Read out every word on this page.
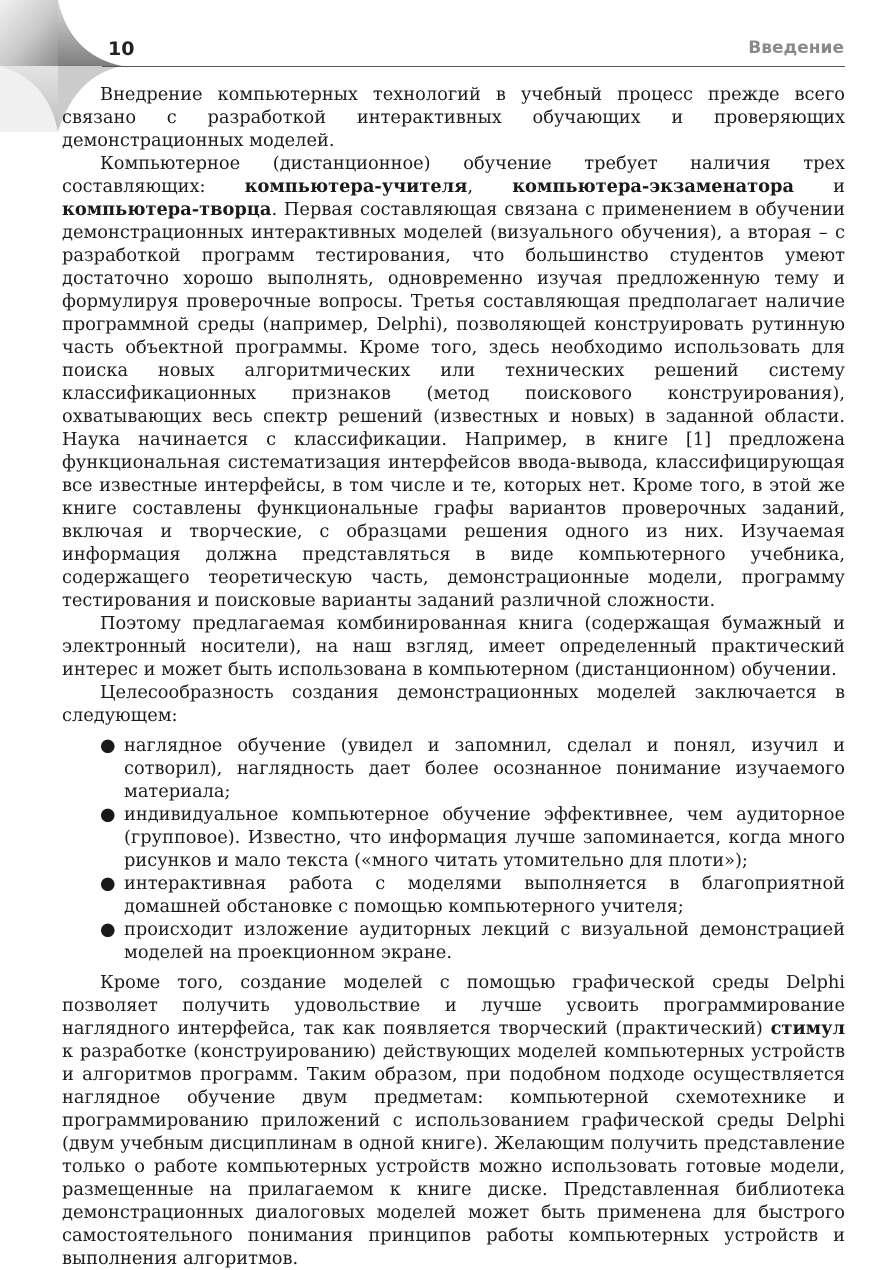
10	Введение

Внедрение компьютерных технологий в учебный процесс прежде всего связано с разработкой интерактивных обучающих и проверяющих демонстрационных моделей.

Компьютерное (дистанционное) обучение требует наличия трех составляющих: компьютера-учителя, компьютера-экзаменатора и компьютера-творца. Первая составляющая связана с применением в обучении демонстрационных интерактивных моделей (визуального обучения), а вторая – с разработкой программ тестирования, что большинство студентов умеют достаточно хорошо выполнять, одновременно изучая предложенную тему и формулируя проверочные вопросы. Третья составляющая предполагает наличие программной среды (например, Delphi), позволяющей конструировать рутинную часть объектной программы. Кроме того, здесь необходимо использовать для поиска новых алгоритмических или технических решений систему классификационных признаков (метод поискового конструирования), охватывающих весь спектр решений (известных и новых) в заданной области. Наука начинается с классификации. Например, в книге [1] предложена функциональная систематизация интерфейсов ввода-вывода, классифицирующая все известные интерфейсы, в том числе и те, которых нет. Кроме того, в этой же книге составлены функциональные графы вариантов проверочных заданий, включая и творческие, с образцами решения одного из них. Изучаемая информация должна представляться в виде компьютерного учебника, содержащего теоретическую часть, демонстрационные модели, программу тестирования и поисковые варианты заданий различной сложности.

Поэтому предлагаемая комбинированная книга (содержащая бумажный и электронный носители), на наш взгляд, имеет определенный практический интерес и может быть использована в компьютерном (дистанционном) обучении.

Целесообразность создания демонстрационных моделей заключается в следующем:

● наглядное обучение (увидел и запомнил, сделал и понял, изучил и сотворил), наглядность дает более осознанное понимание изучаемого материала;
● индивидуальное компьютерное обучение эффективнее, чем аудиторное (групповое). Известно, что информация лучше запоминается, когда много рисунков и мало текста («много читать утомительно для плоти»);
● интерактивная работа с моделями выполняется в благоприятной домашней обстановке с помощью компьютерного учителя;
● происходит изложение аудиторных лекций с визуальной демонстрацией моделей на проекционном экране.

Кроме того, создание моделей с помощью графической среды Delphi позволяет получить удовольствие и лучше усвоить программирование наглядного интерфейса, так как появляется творческий (практический) стимул к разработке (конструированию) действующих моделей компьютерных устройств и алгоритмов программ. Таким образом, при подобном подходе осуществляется наглядное обучение двум предметам: компьютерной схемотехнике и программированию приложений с использованием графической среды Delphi (двум учебным дисциплинам в одной книге). Желающим получить представление только о работе компьютерных устройств можно использовать готовые модели, размещенные на прилагаемом к книге диске. Представленная библиотека демонстрационных диалоговых моделей может быть применена для быстрого самостоятельного понимания принципов работы компьютерных устройств и выполнения алгоритмов.
